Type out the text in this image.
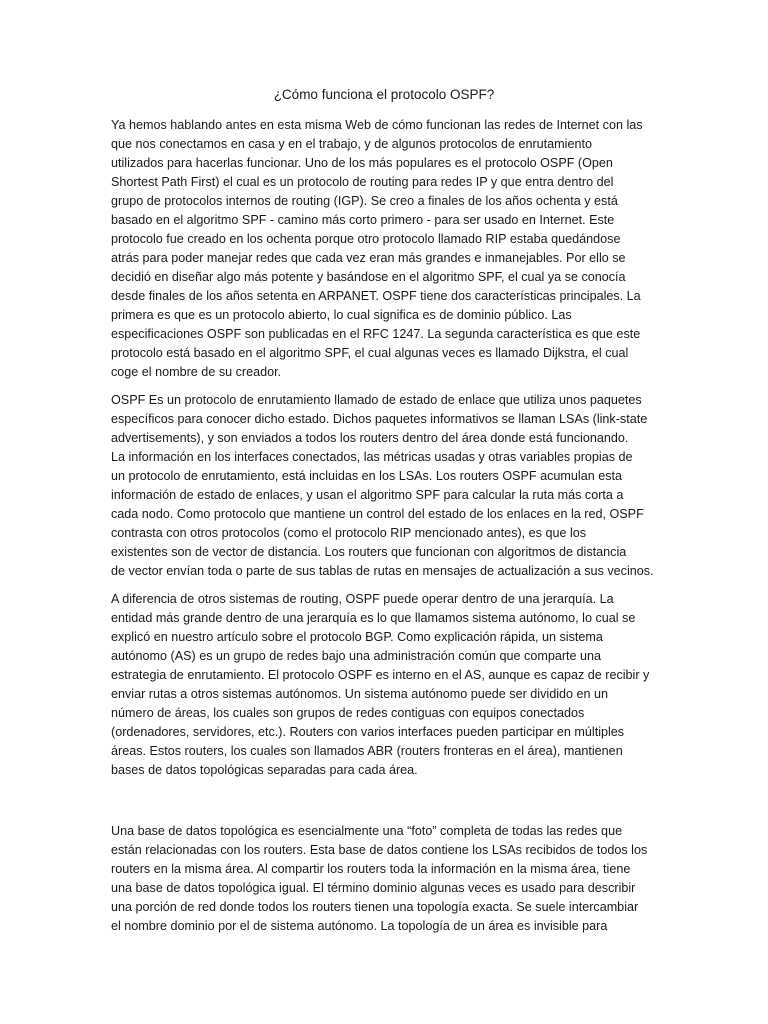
¿Cómo funciona el protocolo OSPF?

Ya hemos hablando antes en esta misma Web de cómo funcionan las redes de Internet con las
que nos conectamos en casa y en el trabajo, y de algunos protocolos de enrutamiento
utilizados para hacerlas funcionar. Uno de los más populares es el protocolo OSPF (Open
Shortest Path First) el cual es un protocolo de routing para redes IP y que entra dentro del
grupo de protocolos internos de routing (IGP). Se creo a finales de los años ochenta y está
basado en el algoritmo SPF - camino más corto primero - para ser usado en Internet. Este
protocolo fue creado en los ochenta porque otro protocolo llamado RIP estaba quedándose
atrás para poder manejar redes que cada vez eran más grandes e inmanejables. Por ello se
decidió en diseñar algo más potente y basándose en el algoritmo SPF, el cual ya se conocía
desde finales de los años setenta en ARPANET. OSPF tiene dos características principales. La
primera es que es un protocolo abierto, lo cual significa es de dominio público. Las
especificaciones OSPF son publicadas en el RFC 1247. La segunda característica es que este
protocolo está basado en el algoritmo SPF, el cual algunas veces es llamado Dijkstra, el cual
coge el nombre de su creador.

OSPF Es un protocolo de enrutamiento llamado de estado de enlace que utiliza unos paquetes
específicos para conocer dicho estado. Dichos paquetes informativos se llaman LSAs (link-state
advertisements), y son enviados a todos los routers dentro del área donde está funcionando.
La información en los interfaces conectados, las métricas usadas y otras variables propias de
un protocolo de enrutamiento, está incluidas en los LSAs. Los routers OSPF acumulan esta
información de estado de enlaces, y usan el algoritmo SPF para calcular la ruta más corta a
cada nodo. Como protocolo que mantiene un control del estado de los enlaces en la red, OSPF
contrasta con otros protocolos (como el protocolo RIP mencionado antes), es que los
existentes son de vector de distancia. Los routers que funcionan con algoritmos de distancia
de vector envían toda o parte de sus tablas de rutas en mensajes de actualización a sus vecinos.

A diferencia de otros sistemas de routing, OSPF puede operar dentro de una jerarquía. La
entidad más grande dentro de una jerarquía es lo que llamamos sistema autónomo, lo cual se
explicó en nuestro artículo sobre el protocolo BGP. Como explicación rápida, un sistema
autónomo (AS) es un grupo de redes bajo una administración común que comparte una
estrategia de enrutamiento. El protocolo OSPF es interno en el AS, aunque es capaz de recibir y
enviar rutas a otros sistemas autónomos. Un sistema autónomo puede ser dividido en un
número de áreas, los cuales son grupos de redes contiguas con equipos conectados
(ordenadores, servidores, etc.). Routers con varios interfaces pueden participar en múltiples
áreas. Estos routers, los cuales son llamados ABR (routers fronteras en el área), mantienen
bases de datos topológicas separadas para cada área.

Una base de datos topológica es esencialmente una “foto” completa de todas las redes que
están relacionadas con los routers. Esta base de datos contiene los LSAs recibidos de todos los
routers en la misma área. Al compartir los routers toda la información en la misma área, tiene
una base de datos topológica igual. El término dominio algunas veces es usado para describir
una porción de red donde todos los routers tienen una topología exacta. Se suele intercambiar
el nombre dominio por el de sistema autónomo. La topología de un área es invisible para
